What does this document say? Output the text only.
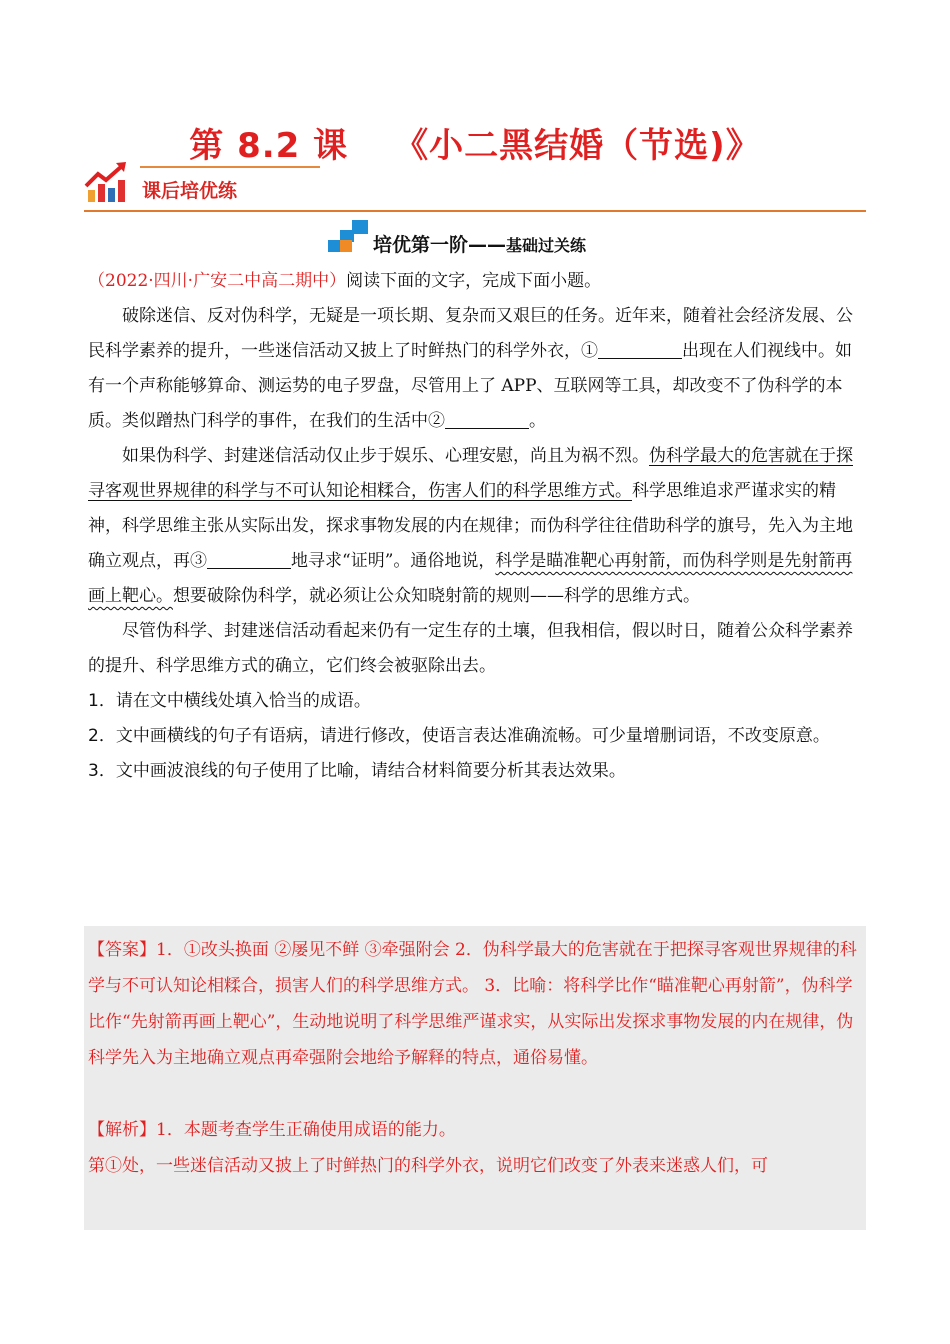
第 8.2 课 《小二黑结婚（节选)》
课后培优练
培优第一阶——基础过关练

（2022·四川·广安二中高二期中）阅读下面的文字，完成下面小题。

破除迷信、反对伪科学，无疑是一项长期、复杂而又艰巨的任务。近年来，随着社会经济发展、公民科学素养的提升，一些迷信活动又披上了时鲜热门的科学外衣，①	出现在人们视线中。如有一个声称能够算命、测运势的电子罗盘，尽管用上了 APP、互联网等工具，却改变不了伪科学的本质。类似蹭热门科学的事件，在我们的生活中②	。

如果伪科学、封建迷信活动仅止步于娱乐、心理安慰，尚且为祸不烈。伪科学最大的危害就在于探寻客观世界规律的科学与不可认知论相糅合，伤害人们的科学思维方式。科学思维追求严谨求实的精神，科学思维主张从实际出发，探求事物发展的内在规律；而伪科学往往借助科学的旗号，先入为主地确立观点，再③	地寻求“证明”。通俗地说，科学是瞄准靶心再射箭，而伪科学则是先射箭再画上靶心。想要破除伪科学，就必须让公众知晓射箭的规则——科学的思维方式。

尽管伪科学、封建迷信活动看起来仍有一定生存的土壤，但我相信，假以时日，随着公众科学素养的提升、科学思维方式的确立，它们终会被驱除出去。

1．请在文中横线处填入恰当的成语。

2．文中画横线的句子有语病，请进行修改，使语言表达准确流畅。可少量增删词语，不改变原意。

3．文中画波浪线的句子使用了比喻，请结合材料简要分析其表达效果。

【答案】1．①改头换面 ②屡见不鲜 ③牵强附会 2．伪科学最大的危害就在于把探寻客观世界规律的科学与不可认知论相糅合，损害人们的科学思维方式。 3．比喻：将科学比作“瞄准靶心再射箭”，伪科学比作“先射箭再画上靶心”，生动地说明了科学思维严谨求实，从实际出发探求事物发展的内在规律，伪科学先入为主地确立观点再牵强附会地给予解释的特点，通俗易懂。

【解析】1．本题考查学生正确使用成语的能力。

第①处，一些迷信活动又披上了时鲜热门的科学外衣，说明它们改变了外表来迷惑人们，可
